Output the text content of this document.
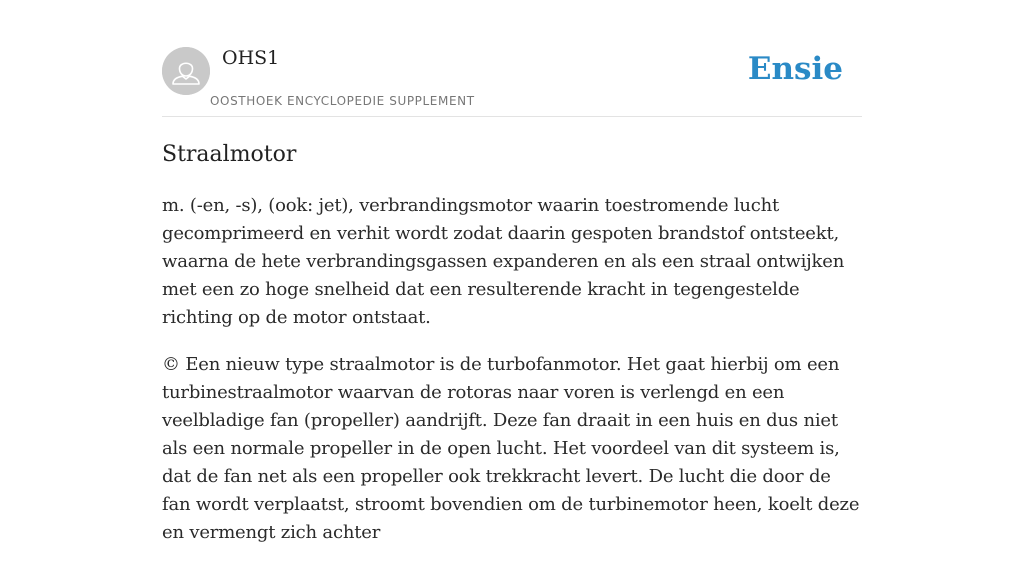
OHS1
OOSTHOEK ENCYCLOPEDIE SUPPLEMENT
Ensie
Straalmotor

m. (-en, -s), (ook: jet), verbrandingsmotor waarin toestromende lucht gecomprimeerd en verhit wordt zodat daarin gespoten brandstof ontsteekt, waarna de hete verbrandingsgassen expanderen en als een straal ontwijken met een zo hoge snelheid dat een resulterende kracht in tegengestelde richting op de motor ontstaat.

© Een nieuw type straalmotor is de turbofanmotor. Het gaat hierbij om een turbinestraalmotor waarvan de rotoras naar voren is verlengd en een veelbladige fan (propeller) aandrijft. Deze fan draait in een huis en dus niet als een normale propeller in de open lucht. Het voordeel van dit systeem is, dat de fan net als een propeller ook trekkracht levert. De lucht die door de fan wordt verplaatst, stroomt bovendien om de turbinemotor heen, koelt deze en vermengt zich achter
